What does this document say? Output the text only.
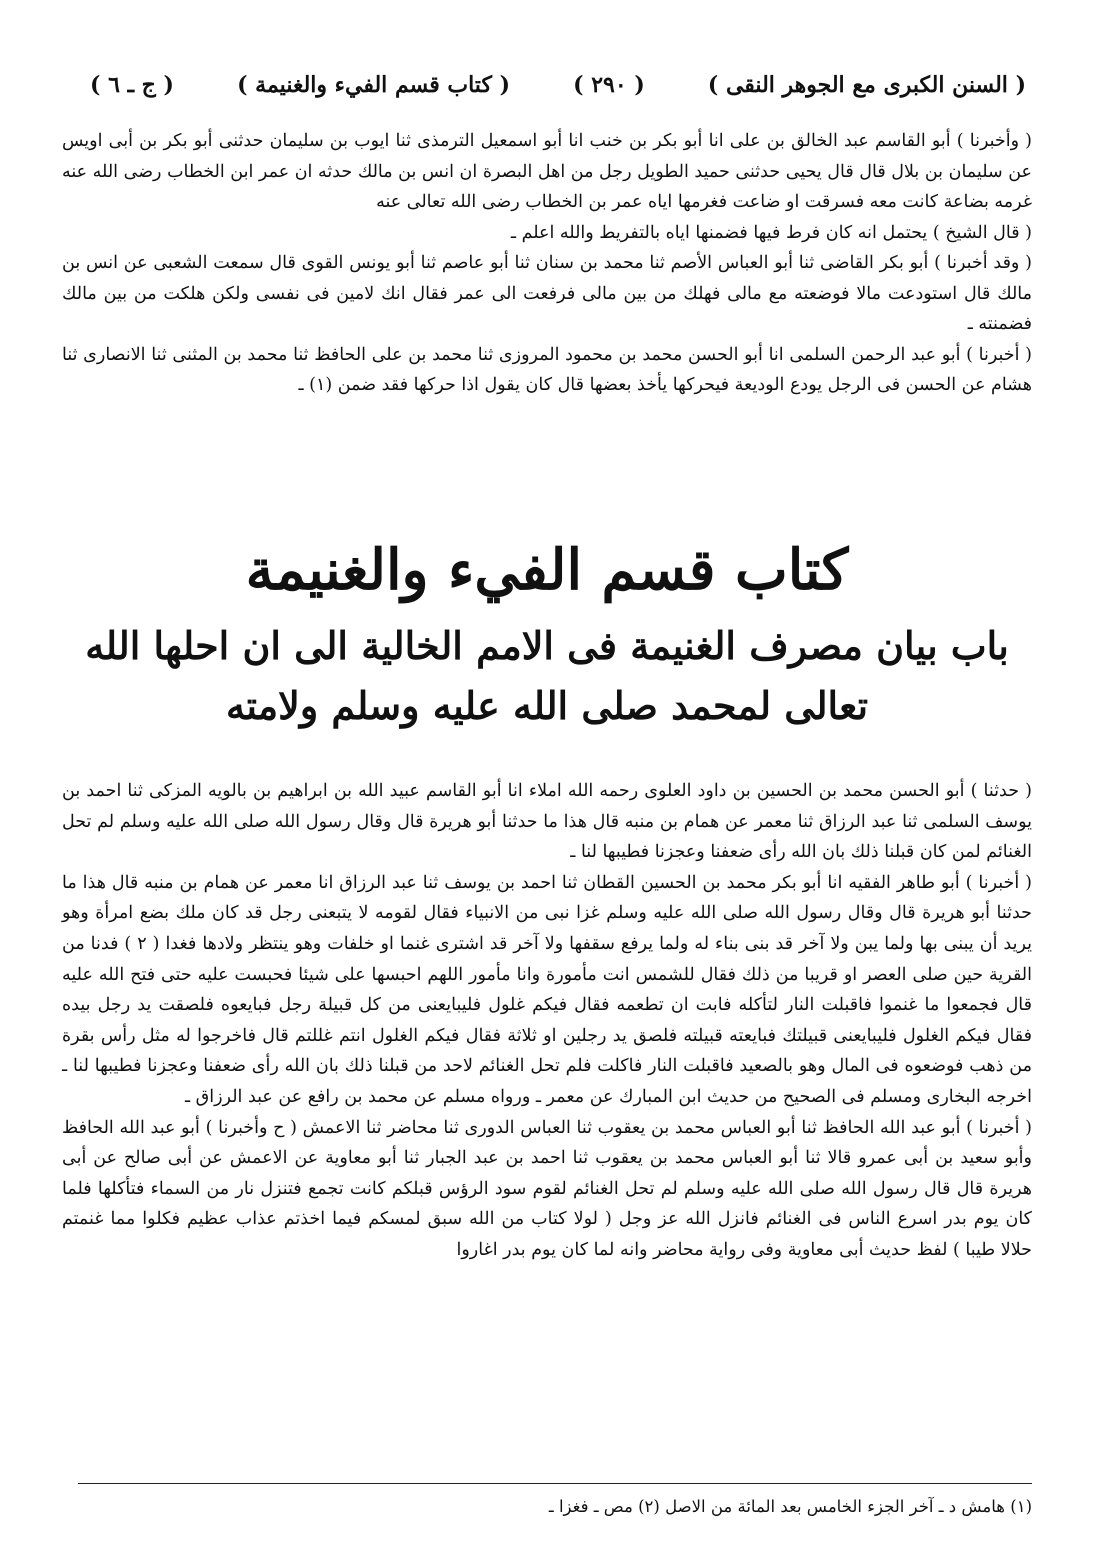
( السنن الكبرى مع الجوهر النقى )
( ٢٩٠ )
( كتاب قسم الفيء والغنيمة )
( ج ـ ٦ )

( وأخبرنا ) أبو القاسم عبد الخالق بن على انا أبو بكر بن خنب انا أبو اسمعيل الترمذى ثنا ايوب بن سليمان حدثنى أبو بكر بن أبى اويس عن سليمان بن بلال قال قال يحيى حدثنى حميد الطويل رجل من اهل البصرة ان انس بن مالك حدثه ان عمر ابن الخطاب رضى الله عنه غرمه بضاعة كانت معه فسرقت او ضاعت فغرمها اياه عمر بن الخطاب رضى الله تعالى عنه

( قال الشيخ ) يحتمل انه كان فرط فيها فضمنها اياه بالتفريط والله اعلم ـ

( وقد أخبرنا ) أبو بكر القاضى ثنا أبو العباس الأصم ثنا محمد بن سنان ثنا أبو عاصم ثنا أبو يونس القوى قال سمعت الشعبى عن انس بن مالك قال استودعت مالا فوضعته مع مالى فهلك من بين مالى فرفعت الى عمر فقال انك لامين فى نفسى ولكن هلكت من بين مالك فضمنته ـ

( أخبرنا ) أبو عبد الرحمن السلمى انا أبو الحسن محمد بن محمود المروزى ثنا محمد بن على الحافظ ثنا محمد بن المثنى ثنا الانصارى ثنا هشام عن الحسن فى الرجل يودع الوديعة فيحركها يأخذ بعضها قال كان يقول اذا حركها فقد ضمن (١) ـ

كتاب قسم الفيء والغنيمة
باب بيان مصرف الغنيمة فى الامم الخالية الى ان احلها الله
تعالى لمحمد صلى الله عليه وسلم ولامته

( حدثنا ) أبو الحسن محمد بن الحسين بن داود العلوى رحمه الله املاء انا أبو القاسم عبيد الله بن ابراهيم بن بالويه المزكى ثنا احمد بن يوسف السلمى ثنا عبد الرزاق ثنا معمر عن همام بن منبه قال هذا ما حدثنا أبو هريرة قال وقال رسول الله صلى الله عليه وسلم لم تحل الغنائم لمن كان قبلنا ذلك بان الله رأى ضعفنا وعجزنا فطيبها لنا ـ

( أخبرنا ) أبو طاهر الفقيه انا أبو بكر محمد بن الحسين القطان ثنا احمد بن يوسف ثنا عبد الرزاق انا معمر عن همام بن منبه قال هذا ما حدثنا أبو هريرة قال وقال رسول الله صلى الله عليه وسلم غزا نبى من الانبياء فقال لقومه لا يتبعنى رجل قد كان ملك بضع امرأة وهو يريد أن يبنى بها ولما يبن ولا آخر قد بنى بناء له ولما يرفع سقفها ولا آخر قد اشترى غنما او خلفات وهو ينتظر ولادها فغدا ( ٢ ) فدنا من القرية حين صلى العصر او قريبا من ذلك فقال للشمس انت مأمورة وانا مأمور اللهم احبسها على شيئا فحبست عليه حتى فتح الله عليه قال فجمعوا ما غنموا فاقبلت النار لتأكله فابت ان تطعمه فقال فيكم غلول فليبايعنى من كل قبيلة رجل فبايعوه فلصقت يد رجل بيده فقال فيكم الغلول فليبايعنى قبيلتك فبايعته قبيلته فلصق يد رجلين او ثلاثة فقال فيكم الغلول انتم غللتم قال فاخرجوا له مثل رأس بقرة من ذهب فوضعوه فى المال وهو بالصعيد فاقبلت النار فاكلت فلم تحل الغنائم لاحد من قبلنا ذلك بان الله رأى ضعفنا وعجزنا فطيبها لنا ـ اخرجه البخارى ومسلم فى الصحيح من حديث ابن المبارك عن معمر ـ ورواه مسلم عن محمد بن رافع عن عبد الرزاق ـ

( أخبرنا ) أبو عبد الله الحافظ ثنا أبو العباس محمد بن يعقوب ثنا العباس الدورى ثنا محاضر ثنا الاعمش ( ح وأخبرنا ) أبو عبد الله الحافظ وأبو سعيد بن أبى عمرو قالا ثنا أبو العباس محمد بن يعقوب ثنا احمد بن عبد الجبار ثنا أبو معاوية عن الاعمش عن أبى صالح عن أبى هريرة قال قال رسول الله صلى الله عليه وسلم لم تحل الغنائم لقوم سود الرؤس قبلكم كانت تجمع فتنزل نار من السماء فتأكلها فلما كان يوم بدر اسرع الناس فى الغنائم فانزل الله عز وجل ( لولا كتاب من الله سبق لمسكم فيما اخذتم عذاب عظيم فكلوا مما غنمتم حلالا طيبا ) لفظ حديث أبى معاوية وفى رواية محاضر وانه لما كان يوم بدر اغاروا

(١) هامش د ـ آخر الجزء الخامس بعد المائة من الاصل (٢) مص ـ فغزا ـ
